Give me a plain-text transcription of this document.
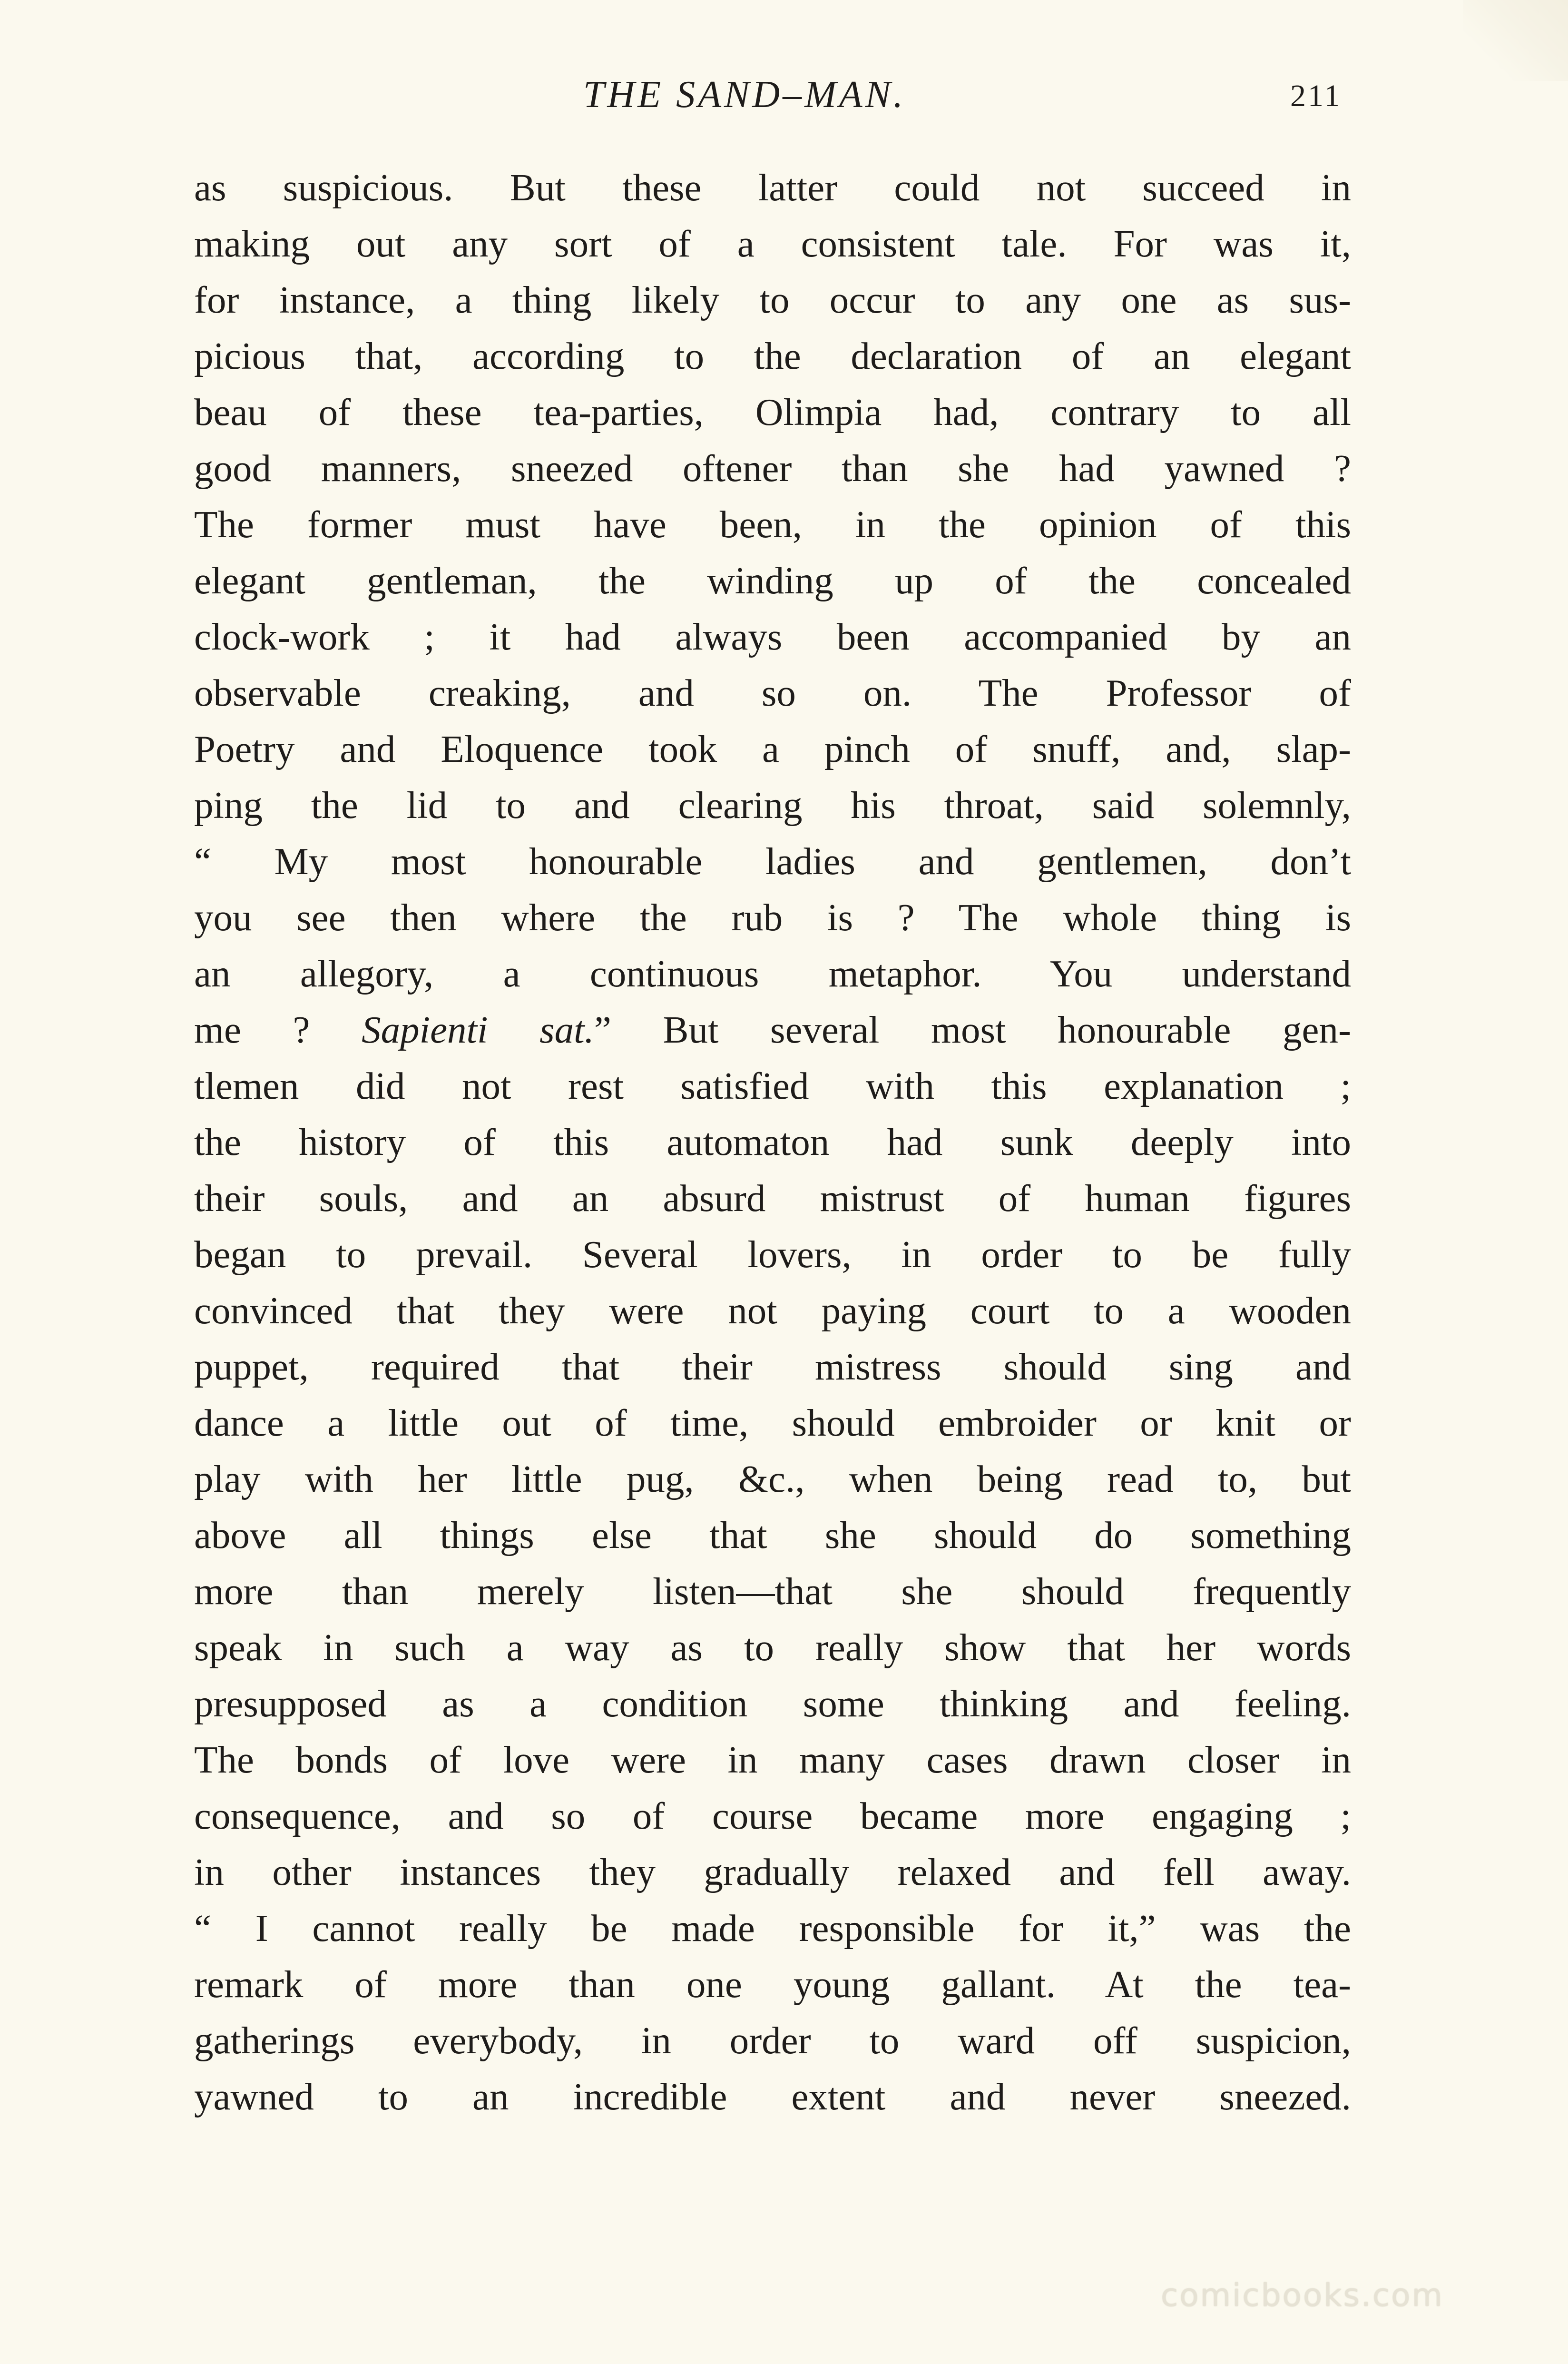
THE SAND–MAN.	211
as suspicious. But these latter could not succeed in
making out any sort of a consistent tale. For was it,
for instance, a thing likely to occur to any one as sus-
picious that, according to the declaration of an elegant
beau of these tea-parties, Olimpia had, contrary to all
good manners, sneezed oftener than she had yawned ?
The former must have been, in the opinion of this
elegant gentleman, the winding up of the concealed
clock-work ; it had always been accompanied by an
observable creaking, and so on. The Professor of
Poetry and Eloquence took a pinch of snuff, and, slap-
ping the lid to and clearing his throat, said solemnly,
“ My most honourable ladies and gentlemen, don’t
you see then where the rub is ? The whole thing is
an allegory, a continuous metaphor. You understand
me ? Sapienti sat.” But several most honourable gen-
tlemen did not rest satisfied with this explanation ;
the history of this automaton had sunk deeply into
their souls, and an absurd mistrust of human figures
began to prevail. Several lovers, in order to be fully
convinced that they were not paying court to a wooden
puppet, required that their mistress should sing and
dance a little out of time, should embroider or knit or
play with her little pug, &c., when being read to, but
above all things else that she should do something
more than merely listen—that she should frequently
speak in such a way as to really show that her words
presupposed as a condition some thinking and feeling.
The bonds of love were in many cases drawn closer in
consequence, and so of course became more engaging ;
in other instances they gradually relaxed and fell away.
“ I cannot really be made responsible for it,” was the
remark of more than one young gallant. At the tea-
gatherings everybody, in order to ward off suspicion,
yawned to an incredible extent and never sneezed.
comicbooks.com
